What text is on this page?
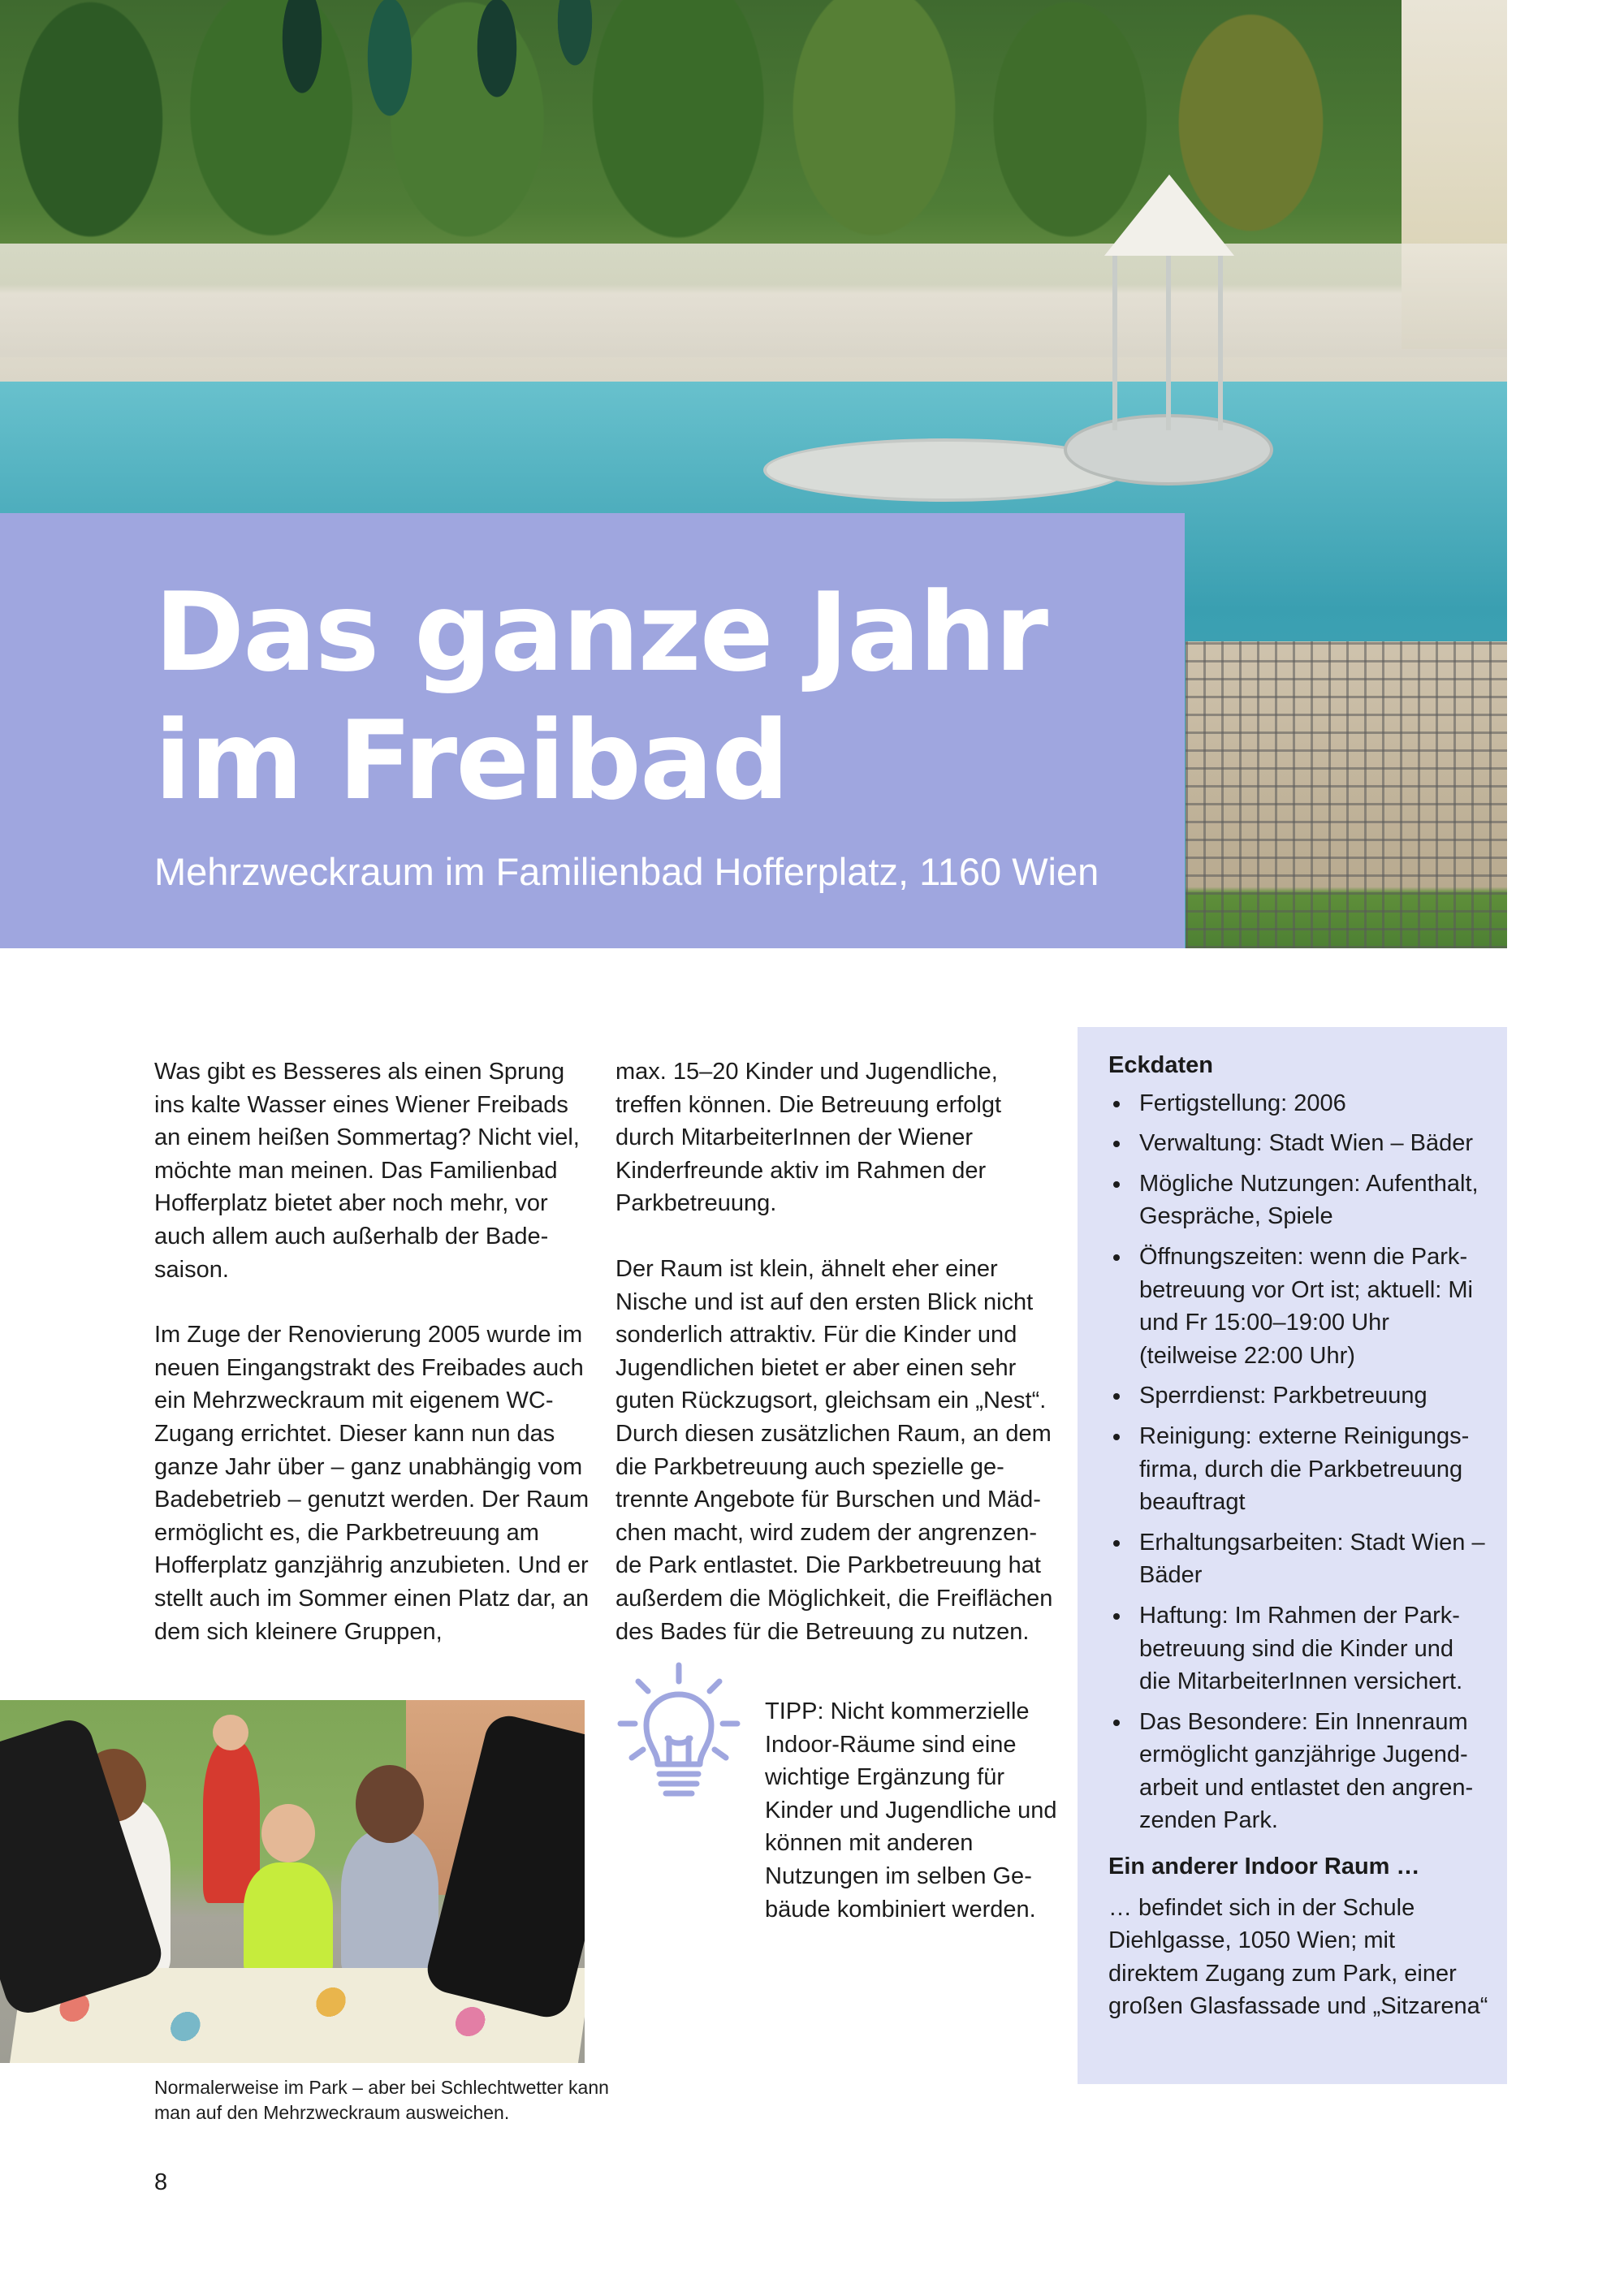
Das ganze Jahr
im Freibad

Mehrzweckraum im Familienbad Hofferplatz, 1160 Wien

Was gibt es Besseres als einen Sprung ins kalte Wasser eines Wiener Freibads an einem heißen Sommertag? Nicht viel, möchte man meinen. Das Familienbad Hofferplatz bietet aber noch mehr, vor auch allem auch außerhalb der Badesaison.

Im Zuge der Renovierung 2005 wurde im neuen Eingangstrakt des Freibades auch ein Mehrzweckraum mit eigenem WC-Zugang errichtet. Dieser kann nun das ganze Jahr über – ganz unabhängig vom Badebetrieb – genutzt werden. Der Raum ermöglicht es, die Parkbetreuung am Hofferplatz ganzjährig anzubieten. Und er stellt auch im Sommer einen Platz dar, an dem sich kleinere Gruppen,

max. 15–20 Kinder und Jugendliche, treffen können. Die Betreuung erfolgt durch MitarbeiterInnen der Wiener Kinderfreunde aktiv im Rahmen der Parkbetreuung.

Der Raum ist klein, ähnelt eher einer Nische und ist auf den ersten Blick nicht sonderlich attraktiv. Für die Kinder und Jugendlichen bietet er aber einen sehr guten Rückzugsort, gleichsam ein „Nest“. Durch diesen zusätzlichen Raum, an dem die Parkbetreuung auch spezielle getrennte Angebote für Burschen und Mädchen macht, wird zudem der angrenzende Park entlastet. Die Parkbetreuung hat außerdem die Möglichkeit, die Freiflächen des Bades für die Betreuung zu nutzen.

TIPP: Nicht kommerzielle Indoor-Räume sind eine wichtige Ergänzung für Kinder und Jugendliche und können mit anderen Nutzungen im selben Gebäude kombiniert werden.

Normalerweise im Park – aber bei Schlechtwetter kann man auf den Mehrzweckraum ausweichen.

Eckdaten

Fertigstellung: 2006
Verwaltung: Stadt Wien – Bäder
Mögliche Nutzungen: Aufenthalt, Gespräche, Spiele
Öffnungszeiten: wenn die Parkbetreuung vor Ort ist; aktuell: Mi und Fr 15:00–19:00 Uhr (teilweise 22:00 Uhr)
Sperrdienst: Parkbetreuung
Reinigung: externe Reinigungsfirma, durch die Parkbetreuung beauftragt
Erhaltungsarbeiten: Stadt Wien – Bäder
Haftung: Im Rahmen der Parkbetreuung sind die Kinder und die MitarbeiterInnen versichert.
Das Besondere: Ein Innenraum ermöglicht ganzjährige Jugendarbeit und entlastet den angrenzenden Park.

Ein anderer Indoor Raum …

… befindet sich in der Schule Diehlgasse, 1050 Wien; mit direktem Zugang zum Park, einer großen Glasfassade und „Sitzarena“

8
